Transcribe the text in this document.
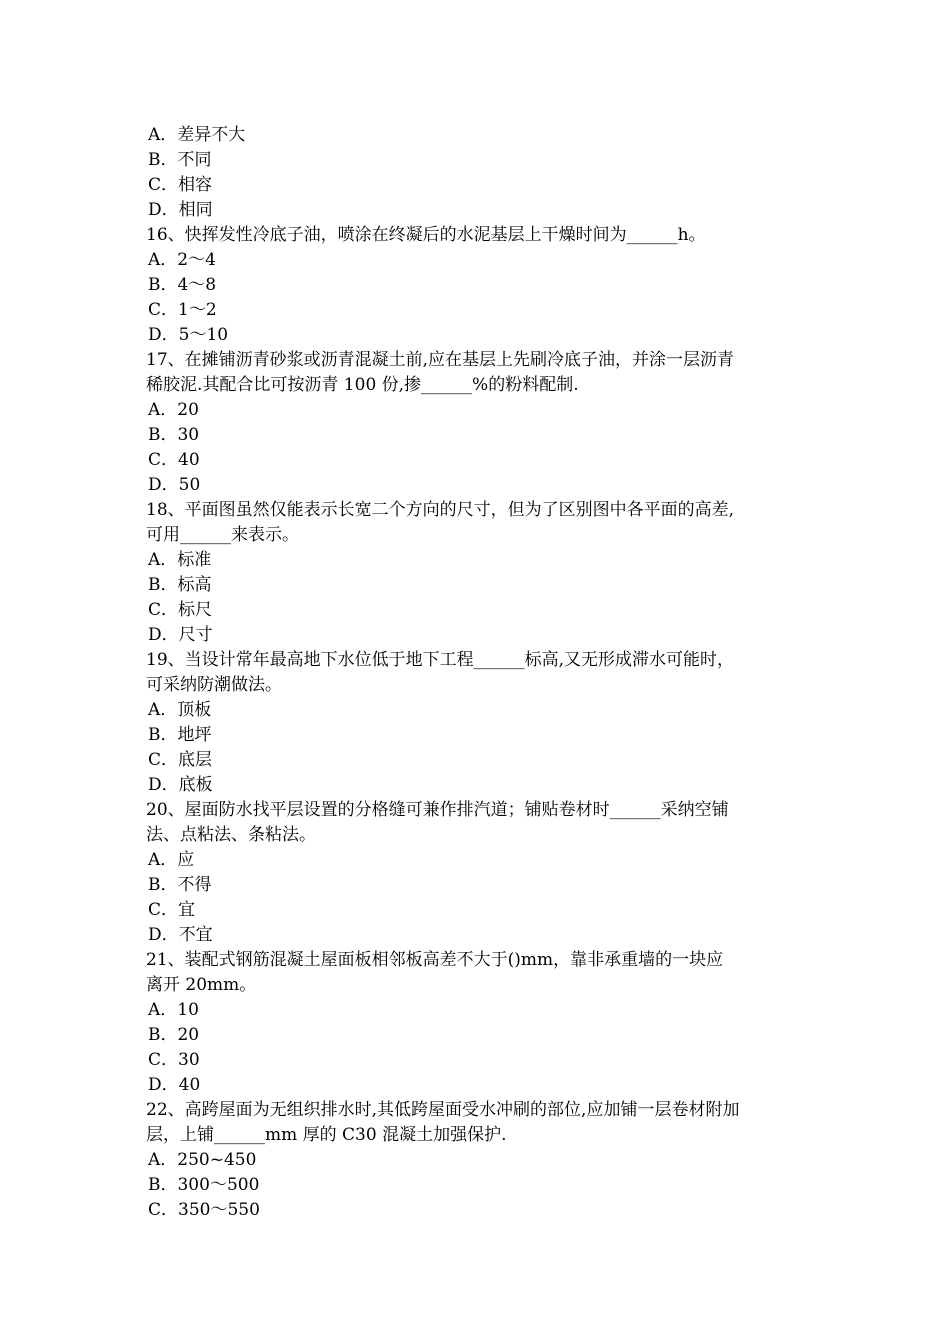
A．差异不大
B．不同
C．相容
D．相同
16、快挥发性冷底子油，喷涂在终凝后的水泥基层上干燥时间为______h。
A．2～4
B．4～8
C．1～2
D．5～10
17、在摊铺沥青砂浆或沥青混凝土前,应在基层上先刷冷底子油，并涂一层沥青
稀胶泥.其配合比可按沥青 100 份,掺______%的粉料配制.
A．20
B．30
C．40
D．50
18、平面图虽然仅能表示长宽二个方向的尺寸，但为了区别图中各平面的高差,
可用______来表示。
A．标准
B．标高
C．标尺
D．尺寸
19、当设计常年最高地下水位低于地下工程______标高,又无形成滞水可能时，
可采纳防潮做法。
A．顶板
B．地坪
C．底层
D．底板
20、屋面防水找平层设置的分格缝可兼作排汽道；铺贴卷材时______采纳空铺
法、点粘法、条粘法。
A．应
B．不得
C．宜
D．不宜
21、装配式钢筋混凝土屋面板相邻板高差不大于()mm，靠非承重墙的一块应
离开 20mm。
A．10
B．20
C．30
D．40
22、高跨屋面为无组织排水时,其低跨屋面受水冲刷的部位,应加铺一层卷材附加
层，上铺______mm 厚的 C30 混凝土加强保护.
A．250~450
B．300～500
C．350～550
